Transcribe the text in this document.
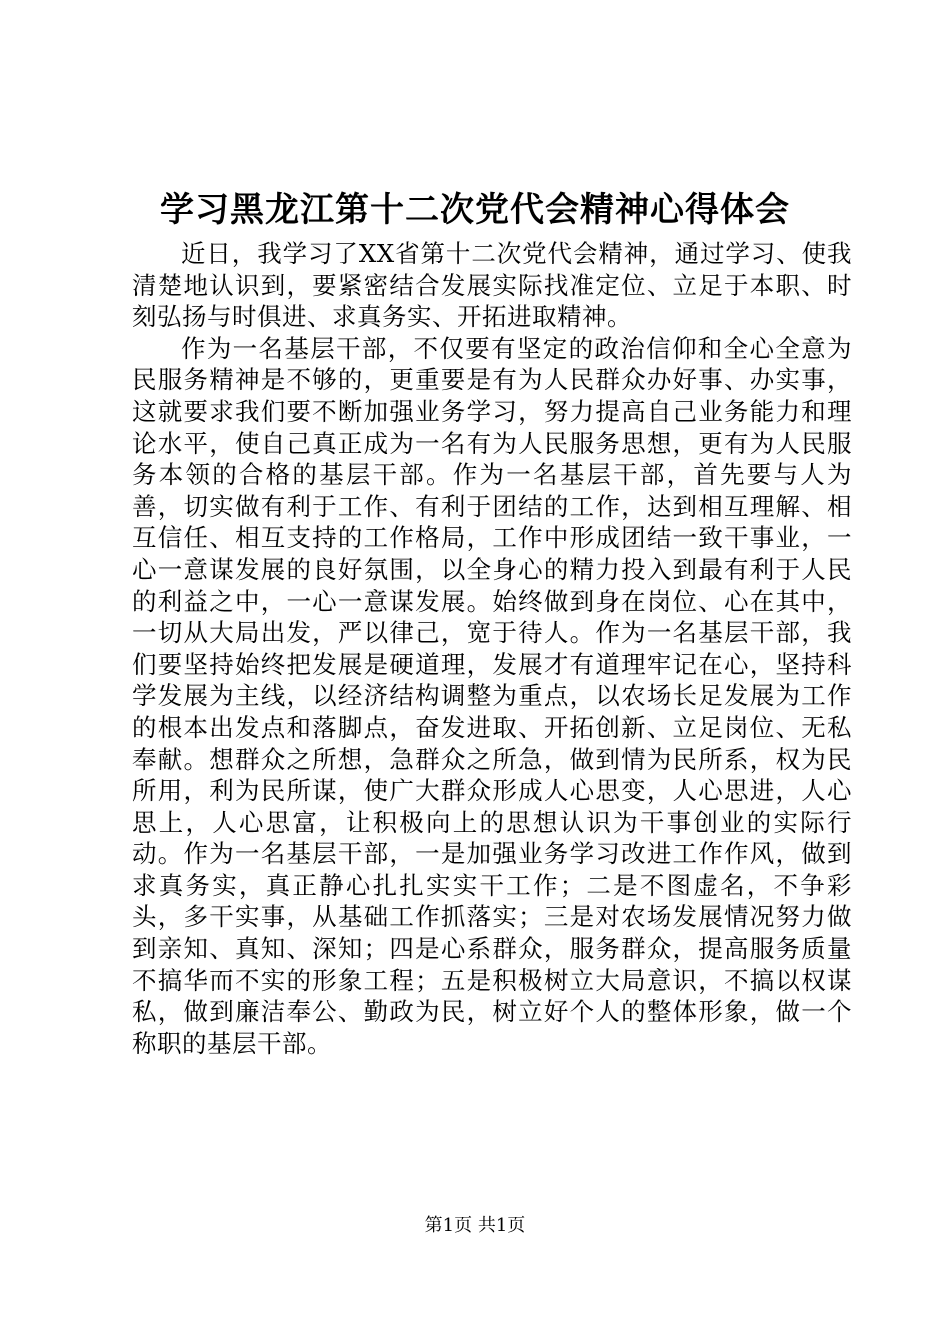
学习黑龙江第十二次党代会精神心得体会

近日，我学习了XX省第十二次党代会精神，通过学习、使我清楚地认识到，要紧密结合发展实际找准定位、立足于本职、时刻弘扬与时俱进、求真务实、开拓进取精神。

作为一名基层干部，不仅要有坚定的政治信仰和全心全意为民服务精神是不够的，更重要是有为人民群众办好事、办实事，这就要求我们要不断加强业务学习，努力提高自己业务能力和理论水平，使自己真正成为一名有为人民服务思想，更有为人民服务本领的合格的基层干部。作为一名基层干部，首先要与人为善，切实做有利于工作、有利于团结的工作，达到相互理解、相互信任、相互支持的工作格局，工作中形成团结一致干事业，一心一意谋发展的良好氛围，以全身心的精力投入到最有利于人民的利益之中，一心一意谋发展。始终做到身在岗位、心在其中，一切从大局出发，严以律己，宽于待人。作为一名基层干部，我们要坚持始终把发展是硬道理，发展才有道理牢记在心，坚持科学发展为主线，以经济结构调整为重点，以农场长足发展为工作的根本出发点和落脚点，奋发进取、开拓创新、立足岗位、无私奉献。想群众之所想，急群众之所急，做到情为民所系，权为民所用，利为民所谋，使广大群众形成人心思变，人心思进，人心思上，人心思富，让积极向上的思想认识为干事创业的实际行动。作为一名基层干部，一是加强业务学习改进工作作风，做到求真务实，真正静心扎扎实实干工作；二是不图虚名，不争彩头，多干实事，从基础工作抓落实；三是对农场发展情况努力做到亲知、真知、深知；四是心系群众，服务群众，提高服务质量不搞华而不实的形象工程；五是积极树立大局意识，不搞以权谋私，做到廉洁奉公、勤政为民，树立好个人的整体形象，做一个称职的基层干部。

第1页 共1页
